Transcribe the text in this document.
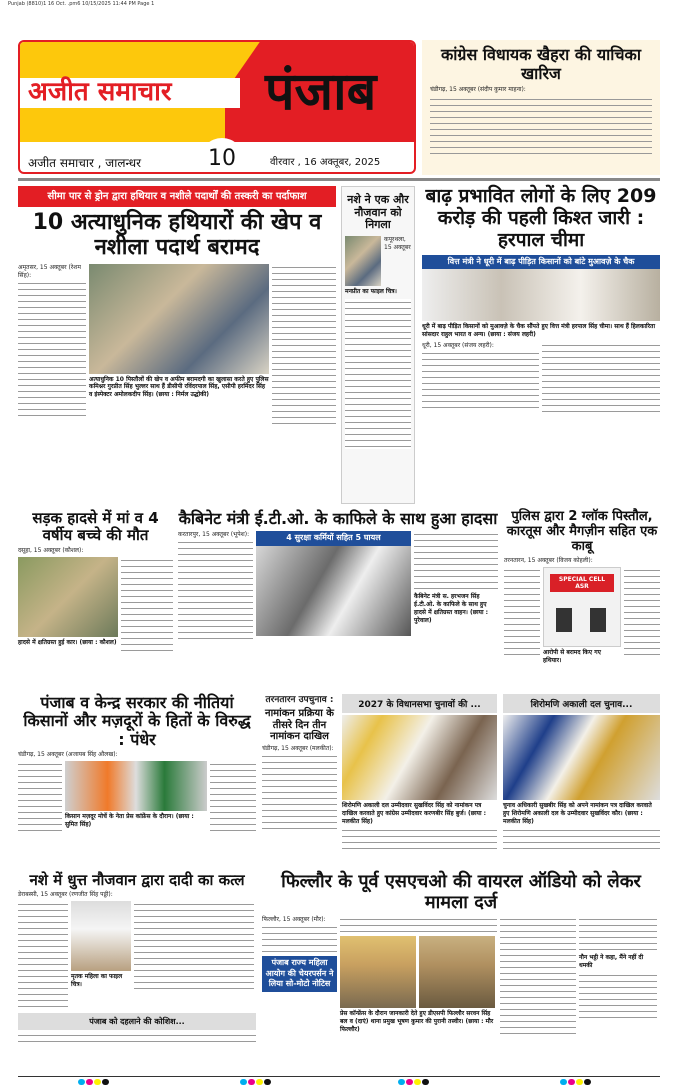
Punjab (8810)1 16 Oct. .pm6 10/15/2025 11:44 PM Page 1
अजीत समाचार पंजाब
10
अजीत समाचार , जालन्धर	वीरवार , 16 अक्तूबर, 2025
कांग्रेस विधायक खैहरा की याचिका खारिज
चंडीगढ़, 15 अक्तूबर (संदीप कुमार माहना):
सीमा पार से ड्रोन द्वारा हथियार व नशीले पदार्थों की तस्करी का पर्दाफाश
10 अत्याधुनिक हथियारों की खेप व नशीला पदार्थ बरामद
अमृतसर, 15 अक्तूबर (रेशम सिंह):
अत्याधुनिक 10 पिस्तौलों की खेप व अफीम बरामदगी का खुलासा करते हुए पुलिस कमिश्नर गुरप्रीत सिंह भुल्लर साथ हैं डीसीपी रविंदरपाल सिंह, एसीपी हरमिंदर सिंह व इंस्पेक्टर अमोलकदीप सिंह। (छाया : निर्मल उद्धोकी)
नशे ने एक और नौजवान को निगला
कपूरथला, 15 अक्तूबर
मनप्रीत का फाइल चित्र।
बाढ़ प्रभावित लोगों के लिए 209 करोड़ की पहली किश्त जारी : हरपाल चीमा
वित्त मंत्री ने धूरी में बाढ़ पीड़ित किसानों को बांटे मुआवज़े के चैक
धूरी में बाढ़ पीड़ित किसानों को मुआवज़े के चैक सौंपते हुए वित्त मंत्री हरपाल सिंह चीमा। साथ हैं हिलकारिता सांसदार राहुल भारत व अन्य। (छाया : संजय लहरी)
धूरी, 15 अक्तूबर (संजय लहरी):
सड़क हादसे में मां व 4 वर्षीय बच्चे की मौत
दसूहा, 15 अक्तूबर (कौशल):
हादसे में क्षतिग्रस्त हुई कार। (छाया : कौशल)
कैबिनेट मंत्री ई.टी.ओ. के काफिले के साथ हुआ हादसा
करतारपुर, 15 अक्तूबर (भूपेश):	4 सुरक्षा कर्मियों सहित 5 घायल
कैबिनेट मंत्री स. हरभजन सिंह ई.टी.ओ. के काफिले के साथ हुए हादसे में क्षतिग्रस्त वाहन। (छाया : पुरेवाल)
पुलिस द्वारा 2 ग्लॉक पिस्तौल, कारतूस और मैगज़ीन सहित एक काबू
तरनतारन, 15 अक्तूबर (विजय कोहली):
SPECIAL CELL ASR
आरोपी से बरामद किए गए हथियार।
पंजाब व केन्द्र सरकार की नीतियां किसानों और मज़दूरों के हितों के विरुद्ध : पंधेर
चंडीगढ़, 15 अक्तूबर (अजायब सिंह औलख):
किसान मज़दूर मोर्चे के नेता प्रेस कांफ्रेंस के दौरान। (छाया : सुमित सिंह)
तरनतारन उपचुनाव :
नामांकन प्रक्रिया के तीसरे दिन तीन नामांकन दाखिल
चंडीगढ़, 15 अक्तूबर (मलकीत):
2027 के विधानसभा चुनावों की ...
शिरोमणि अकाली दल उम्मीदवार सुखविंदर सिंह को नामांकन पत्र दाखिल करवाते हुए कांग्रेस उम्मीदवार करणबीर सिंह बुर्ज। (छाया : मलकीत सिंह)
शिरोमणि अकाली दल चुनाव...
चुनाव अधिकारी सुखबीर सिंह को अपने नामांकन पत्र दाखिल करवाते हुए शिरोमणि अकाली दल के उम्मीदवार सुखविंदर कौर। (छाया : मलकीत सिंह)
नशे में धुत्त नौजवान द्वारा दादी का कत्ल
डेराबस्सी, 15 अक्तूबर (रणजीत सिंह पड्डी):
मृतक महिला का फाइल चित्र।
पंजाब को दहलाने की कोशिश...
फिल्लौर के पूर्व एसएचओ की वायरल ऑडियो को लेकर मामला दर्ज
फिल्लौर, 15 अक्तूबर (मौर):
पंजाब राज्य महिला आयोग की चेयरपर्सन ने लिया सो-मोटो नोटिस
प्रेस कॉन्फ्रेंस के दौरान जानकारी देते हुए डीएसपी फिल्लौर सरवन सिंह बल व (दाएं) थाना प्रमुख भूषण कुमार की पुरानी तस्वीर। (छाया : मौर फिल्लौर)
नौन भट्ठी ने कहा, मैंने नहीं दी धमकी
